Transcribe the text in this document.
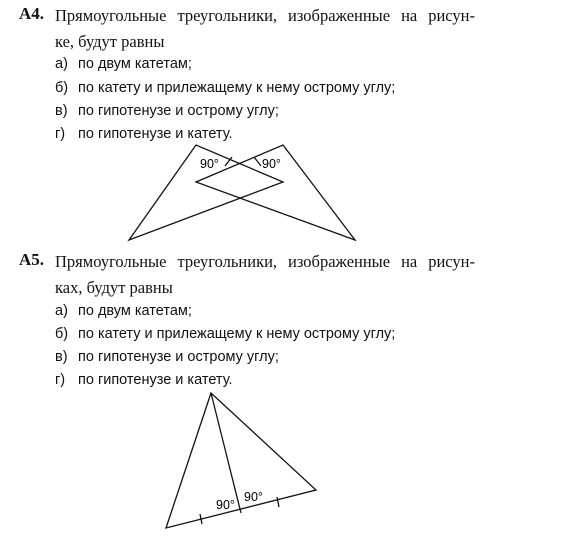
А4. Прямоугольные треугольники, изображенные на рисун-
ке, будут равны
а) по двум катетам;
б) по катету и прилежащему к нему острому углу;
в) по гипотенузе и острому углу;
г) по гипотенузе и катету.
А5. Прямоугольные треугольники, изображенные на рисун-
ках, будут равны
а) по двум катетам;
б) по катету и прилежащему к нему острому углу;
в) по гипотенузе и острому углу;
г) по гипотенузе и катету.
90°	90°
90°
90°
